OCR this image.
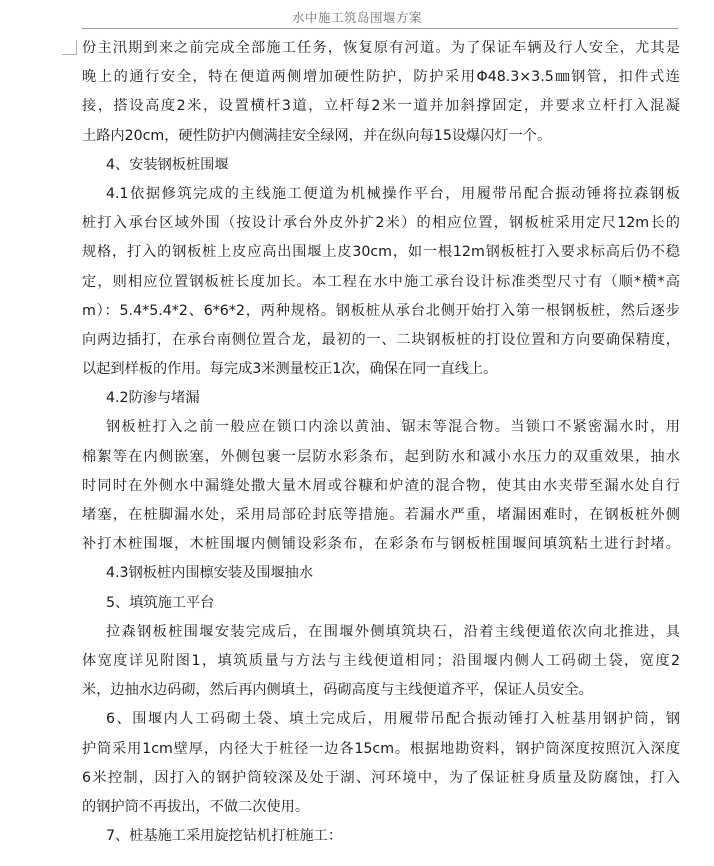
水中施工筑岛围堰方案
份主汛期到来之前完成全部施工任务，恢复原有河道。为了保证车辆及行人安全，尤其是
晚上的通行安全，特在便道两侧增加硬性防护，防护采用Φ48.3×3.5㎜钢管，扣件式连
接，搭设高度2米，设置横杆3道，立杆每2米一道并加斜撑固定，并要求立杆打入混凝
土路内20cm，硬性防护内侧满挂安全绿网，并在纵向每15设爆闪灯一个。
4、安装钢板桩围堰
4.1依据修筑完成的主线施工便道为机械操作平台，用履带吊配合振动锤将拉森钢板
桩打入承台区域外围（按设计承台外皮外扩2米）的相应位置，钢板桩采用定尺12m长的
规格，打入的钢板桩上皮应高出围堰上皮30cm，如一根12m钢板桩打入要求标高后仍不稳
定，则相应位置钢板桩长度加长。本工程在水中施工承台设计标准类型尺寸有（顺*横*高
m）：5.4*5.4*2、6*6*2，两种规格。钢板桩从承台北侧开始打入第一根钢板桩，然后逐步
向两边插打，在承台南侧位置合龙，最初的一、二块钢板桩的打设位置和方向要确保精度，
以起到样板的作用。每完成3米测量校正1次，确保在同一直线上。
4.2防渗与堵漏
钢板桩打入之前一般应在锁口内涂以黄油、锯末等混合物。当锁口不紧密漏水时，用
棉絮等在内侧嵌塞，外侧包裹一层防水彩条布，起到防水和减小水压力的双重效果，抽水
时同时在外侧水中漏缝处撒大量木屑或谷糠和炉渣的混合物，使其由水夹带至漏水处自行
堵塞，在桩脚漏水处，采用局部砼封底等措施。若漏水严重，堵漏困难时，在钢板桩外侧
补打木桩围堰，木桩围堰内侧铺设彩条布，在彩条布与钢板桩围堰间填筑粘土进行封堵。
4.3钢板桩内围檩安装及围堰抽水
5、填筑施工平台
拉森钢板桩围堰安装完成后，在围堰外侧填筑块石，沿着主线便道依次向北推进，具
体宽度详见附图1，填筑质量与方法与主线便道相同；沿围堰内侧人工码砌土袋，宽度2
米，边抽水边码砌，然后再内侧填土，码砌高度与主线便道齐平，保证人员安全。
6、围堰内人工码砌土袋、填土完成后，用履带吊配合振动锤打入桩基用钢护筒，钢
护筒采用1cm壁厚，内径大于桩径一边各15cm。根据地勘资料，钢护筒深度按照沉入深度
6米控制，因打入的钢护筒较深及处于湖、河环境中，为了保证桩身质量及防腐蚀，打入
的钢护筒不再拔出，不做二次使用。
7、桩基施工采用旋挖钻机打桩施工：
